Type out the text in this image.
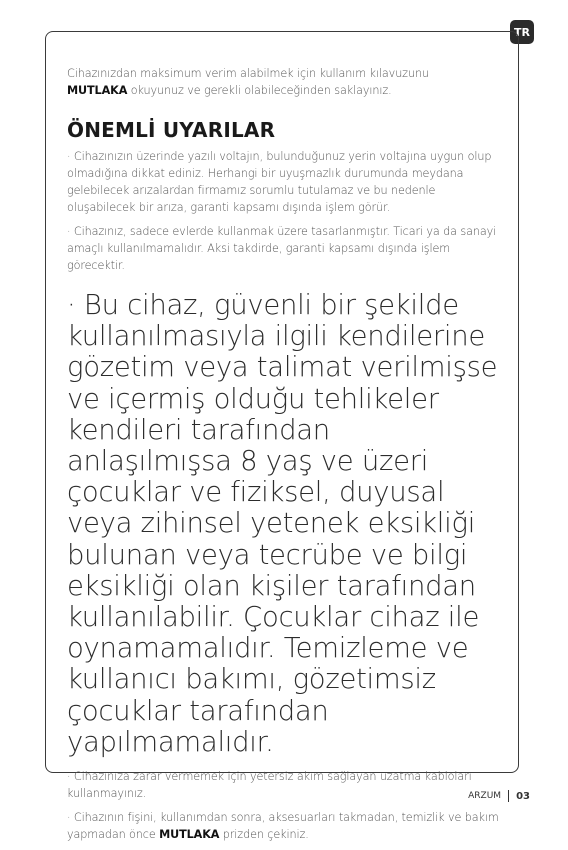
TR

Cihazınızdan maksimum verim alabilmek için kullanım kılavuzunu
MUTLAKA okuyunuz ve gerekli olabileceğinden saklayınız.

ÖNEMLİ UYARILAR

· Cihazınızın üzerinde yazılı voltajın, bulunduğunuz yerin voltajına uygun olup olmadığına dikkat ediniz. Herhangi bir uyuşmazlık durumunda meydana gelebilecek arızalardan firmamız sorumlu tutulamaz ve bu nedenle oluşabilecek bir arıza, garanti kapsamı dışında işlem görür.

· Cihazınız, sadece evlerde kullanmak üzere tasarlanmıştır. Ticari ya da sanayi amaçlı kullanılmamalıdır. Aksi takdirde, garanti kapsamı dışında işlem görecektir.

· Bu cihaz, güvenli bir şekilde kullanılmasıyla ilgili kendilerine gözetim veya talimat verilmişse ve içermiş olduğu tehlikeler kendileri tarafından anlaşılmışsa 8 yaş ve üzeri çocuklar ve fiziksel, duyusal veya zihinsel yetenek eksikliği bulunan veya tecrübe ve bilgi eksikliği olan kişiler tarafından kullanılabilir. Çocuklar cihaz ile oynamamalıdır. Temizleme ve kullanıcı bakımı, gözetimsiz çocuklar tarafından yapılmamalıdır.

· Cihazınıza zarar vermemek için yetersiz akım sağlayan uzatma kabloları kullanmayınız.

· Cihazının fişini, kullanımdan sonra, aksesuarları takmadan, temizlik ve bakım yapmadan önce MUTLAKA prizden çekiniz.

ARZUM 03
